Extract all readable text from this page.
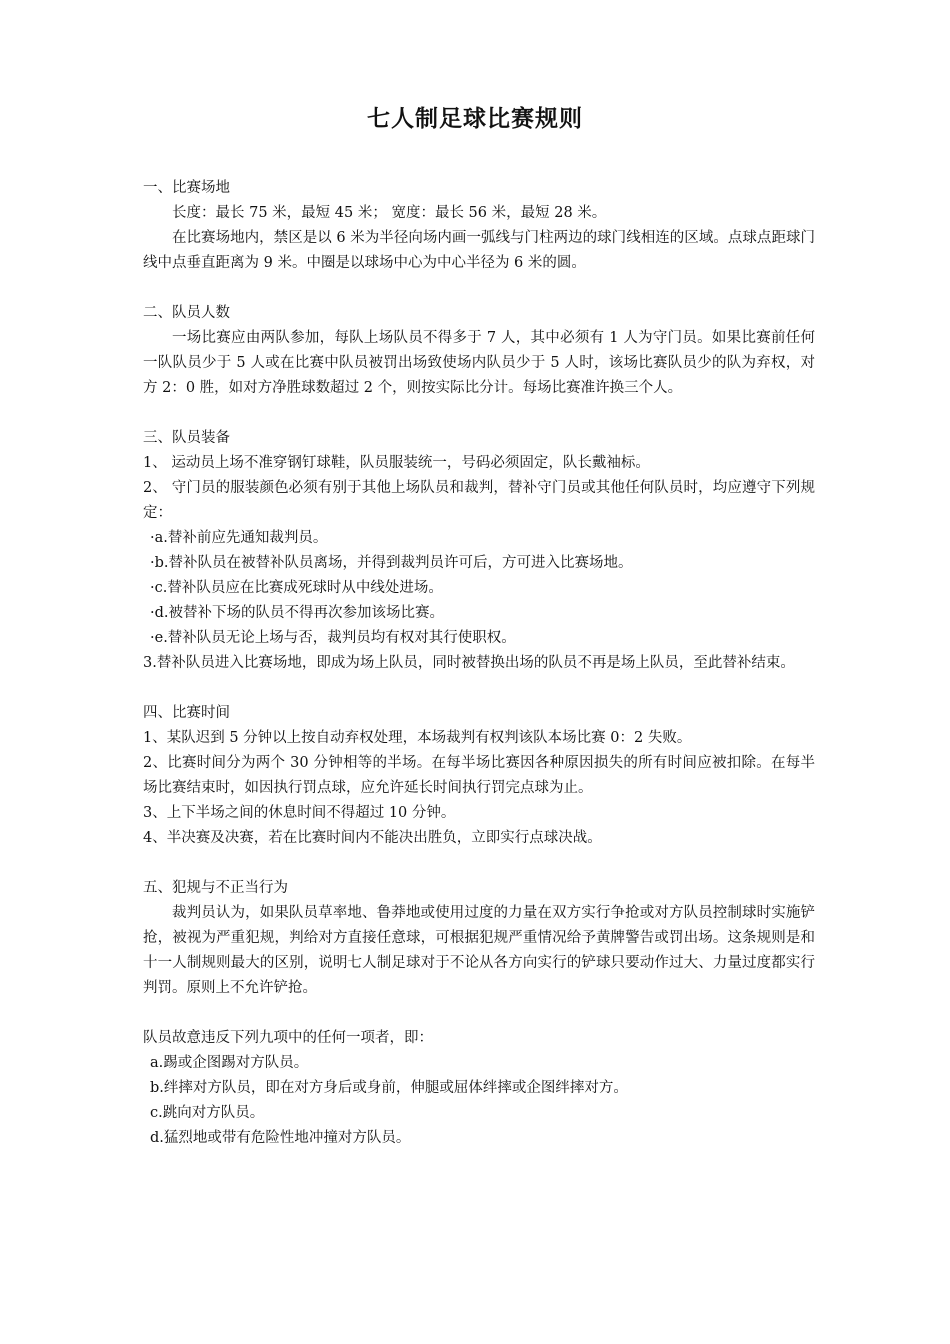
七人制足球比赛规则

一、比赛场地

长度：最长 75 米，最短 45 米； 宽度：最长 56 米，最短 28 米。

在比赛场地内，禁区是以 6 米为半径向场内画一弧线与门柱两边的球门线相连的区域。点球点距球门线中点垂直距离为 9 米。中圈是以球场中心为中心半径为 6 米的圆。

二、队员人数

一场比赛应由两队参加，每队上场队员不得多于 7 人，其中必须有 1 人为守门员。如果比赛前任何一队队员少于 5 人或在比赛中队员被罚出场致使场内队员少于 5 人时，该场比赛队员少的队为弃权，对方 2：0 胜，如对方净胜球数超过 2 个，则按实际比分计。每场比赛准许换三个人。

三、队员装备

1、 运动员上场不准穿钢钉球鞋，队员服装统一，号码必须固定，队长戴袖标。

2、 守门员的服装颜色必须有别于其他上场队员和裁判，替补守门员或其他任何队员时，均应遵守下列规定：

·a.替补前应先通知裁判员。

·b.替补队员在被替补队员离场，并得到裁判员许可后，方可进入比赛场地。

·c.替补队员应在比赛成死球时从中线处进场。

·d.被替补下场的队员不得再次参加该场比赛。

·e.替补队员无论上场与否，裁判员均有权对其行使职权。

3.替补队员进入比赛场地，即成为场上队员，同时被替换出场的队员不再是场上队员，至此替补结束。

四、比赛时间

1、某队迟到 5 分钟以上按自动弃权处理，本场裁判有权判该队本场比赛 0：2 失败。

2、比赛时间分为两个 30 分钟相等的半场。在每半场比赛因各种原因损失的所有时间应被扣除。在每半场比赛结束时，如因执行罚点球，应允许延长时间执行罚完点球为止。

3、上下半场之间的休息时间不得超过 10 分钟。

4、半决赛及决赛，若在比赛时间内不能决出胜负，立即实行点球决战。

五、犯规与不正当行为

裁判员认为，如果队员草率地、鲁莽地或使用过度的力量在双方实行争抢或对方队员控制球时实施铲抢，被视为严重犯规，判给对方直接任意球，可根据犯规严重情况给予黄牌警告或罚出场。这条规则是和十一人制规则最大的区别，说明七人制足球对于不论从各方向实行的铲球只要动作过大、力量过度都实行判罚。原则上不允许铲抢。

队员故意违反下列九项中的任何一项者，即：

a.踢或企图踢对方队员。

b.绊摔对方队员，即在对方身后或身前，伸腿或屈体绊摔或企图绊摔对方。

c.跳向对方队员。

d.猛烈地或带有危险性地冲撞对方队员。
